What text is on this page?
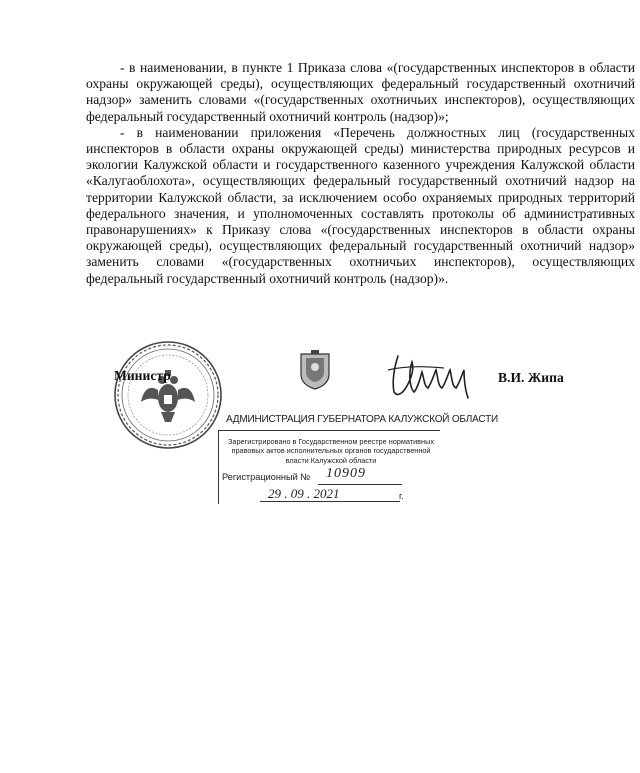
- в наименовании, в пункте 1 Приказа слова «(государственных инспекторов в области охраны окружающей среды), осуществляющих федеральный государственный охотничий надзор» заменить словами «(государственных охотничьих инспекторов), осуществляющих федеральный государственный охотничий контроль (надзор)»;

- в наименовании приложения «Перечень должностных лиц (государственных инспекторов в области охраны окружающей среды) министерства природных ресурсов и экологии Калужской области и государственного казенного учреждения Калужской области «Калугаоблохота», осуществляющих федеральный государственный охотничий надзор на территории Калужской области, за исключением особо охраняемых природных территорий федерального значения, и уполномоченных составлять протоколы об административных правонарушениях» к Приказу слова «(государственных инспекторов в области охраны окружающей среды), осуществляющих федеральный государственный охотничий надзор» заменить словами «(государственных охотничьих инспекторов), осуществляющих федеральный государственный охотничий контроль (надзор)».

Министр	В.И. Жипа
АДМИНИСТРАЦИЯ ГУБЕРНАТОРА КАЛУЖСКОЙ ОБЛАСТИ
Зарегистрировано в Государственном реестре нормативных правовых актов исполнительных органов государственной власти Калужской области
Регистрационный № 10909
29 . 09 . 2021	г.
